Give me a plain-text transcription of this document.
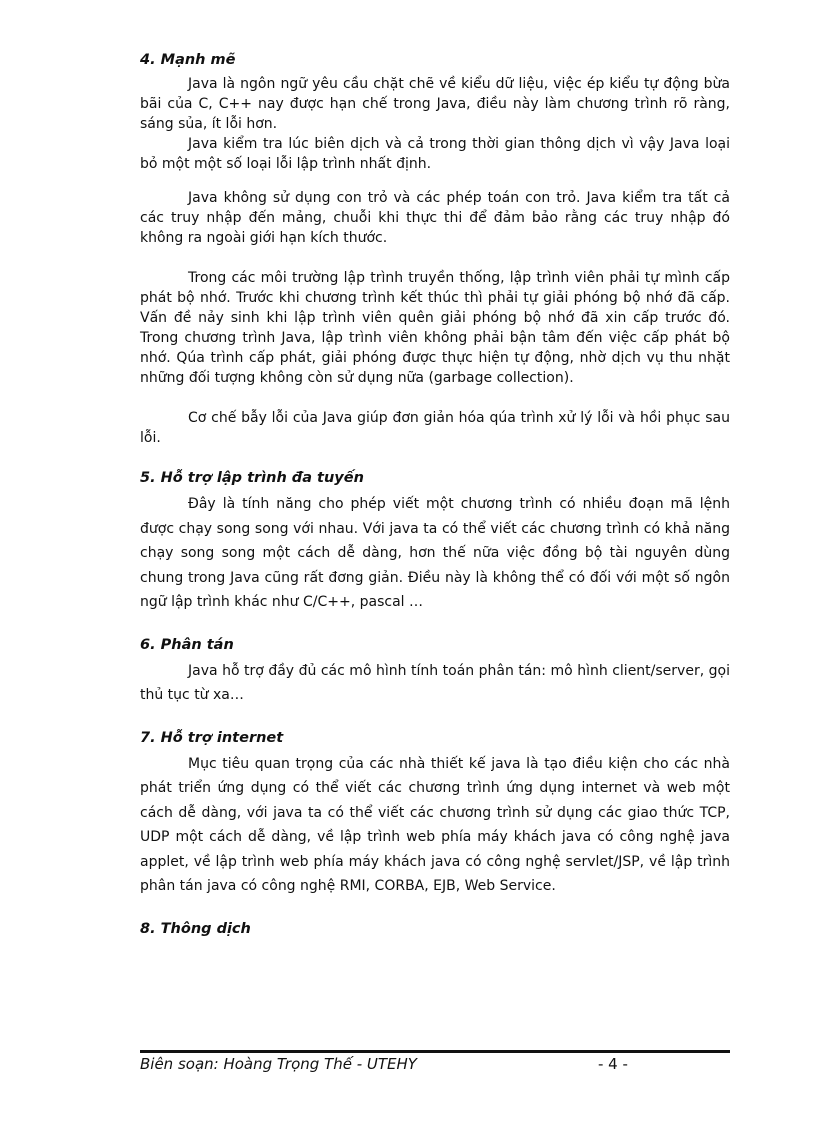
4. Mạnh mẽ

Java là ngôn ngữ yêu cầu chặt chẽ về kiểu dữ liệu, việc ép kiểu tự động bừa bãi của C, C++ nay được hạn chế trong Java, điều này làm chương trình rõ ràng, sáng sủa, ít lỗi hơn.

Java kiểm tra lúc biên dịch và cả trong thời gian thông dịch vì vậy Java loại bỏ một một số loại lỗi lập trình nhất định.

Java không sử dụng con trỏ và các phép toán con trỏ. Java kiểm tra tất cả các truy nhập đến mảng, chuỗi khi thực thi để đảm bảo rằng các truy nhập đó không ra ngoài giới hạn kích thước.

Trong các môi trường lập trình truyền thống, lập trình viên phải tự mình cấp phát bộ nhớ. Trước khi chương trình kết thúc thì phải tự giải phóng bộ nhớ đã cấp. Vấn đề nảy sinh khi lập trình viên quên giải phóng bộ nhớ đã xin cấp trước đó. Trong chương trình Java, lập trình viên không phải bận tâm đến việc cấp phát bộ nhớ. Qúa trình cấp phát, giải phóng được thực hiện tự động, nhờ dịch vụ thu nhặt những đối tượng không còn sử dụng nữa (garbage collection).

Cơ chế bẫy lỗi của Java giúp đơn giản hóa qúa trình xử lý lỗi và hồi phục sau lỗi.

5. Hỗ trợ lập trình đa tuyến

Đây là tính năng cho phép viết một chương trình có nhiều đoạn mã lệnh được chạy song song với nhau. Với java ta có thể viết các chương trình có khả năng chạy song song một cách dễ dàng, hơn thế nữa việc đồng bộ tài nguyên dùng chung trong Java cũng rất đơng giản. Điều này là không thể có đối với một số ngôn ngữ lập trình khác như C/C++, pascal …

6. Phân tán

Java hỗ trợ đầy đủ các mô hình tính toán phân tán: mô hình client/server, gọi thủ tục từ xa…

7. Hỗ trợ internet

Mục tiêu quan trọng của các nhà thiết kế java là tạo điều kiện cho các nhà phát triển ứng dụng có thể viết các chương trình ứng dụng internet và web một cách dễ dàng, với java ta có thể viết các chương trình sử dụng các giao thức TCP, UDP một cách dễ dàng, về lập trình web phía máy khách java có công nghệ java applet, về lập trình web phía máy khách java có công nghệ servlet/JSP, về lập trình phân tán java có công nghệ RMI, CORBA, EJB, Web Service.

8. Thông dịch
Biên soạn: Hoàng Trọng Thế - UTEHY	- 4 -
